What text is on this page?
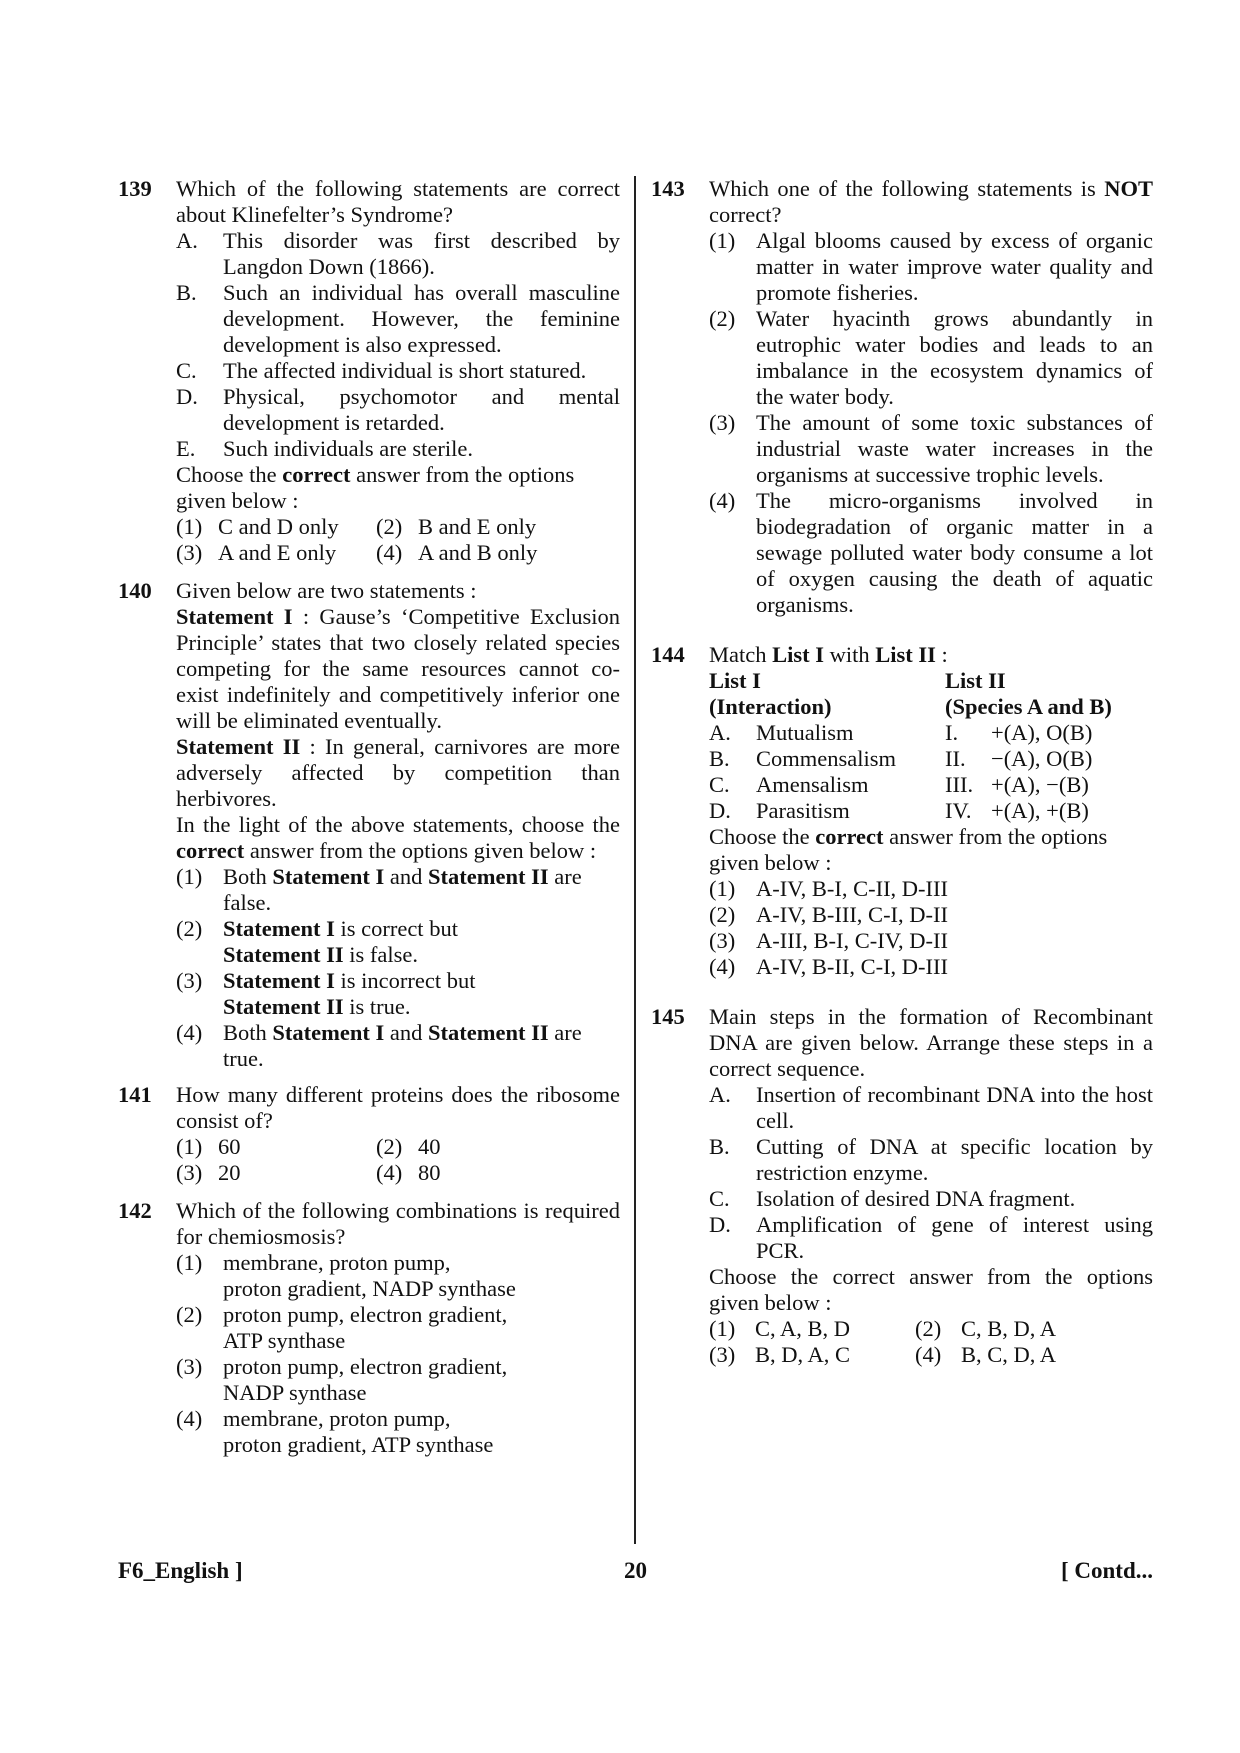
139	Which of the following statements are correct about Klinefelter’s Syndrome?
A.	This disorder was first described by Langdon Down (1866).
B.	Such an individual has overall masculine development. However, the feminine development is also expressed.
C.	The affected individual is short statured.
D.	Physical, psychomotor and mental development is retarded.
E.	Such individuals are sterile.
Choose the correct answer from the options given below :
(1) C and D only (2) B and E only
(3) A and E only (4) A and B only
140	Given below are two statements :
Statement I : Gause’s ‘Competitive Exclusion Principle’ states that two closely related species competing for the same resources cannot co-exist indefinitely and competitively inferior one will be eliminated eventually.
Statement II : In general, carnivores are more adversely affected by competition than herbivores.
In the light of the above statements, choose the correct answer from the options given below :
(1) Both Statement I and Statement II are false.
(2) Statement I is correct but
Statement II is false.
(3) Statement I is incorrect but
Statement II is true.
(4) Both Statement I and Statement II are true.
141	How many different proteins does the ribosome consist of?
(1) 60	(2) 40
(3) 20	(4) 80
142	Which of the following combinations is required for chemiosmosis?
(1) membrane, proton pump,
proton gradient, NADP synthase
(2) proton pump, electron gradient,
ATP synthase
(3) proton pump, electron gradient,
NADP synthase
(4) membrane, proton pump,
proton gradient, ATP synthase
143	Which one of the following statements is NOT correct?
(1) Algal blooms caused by excess of organic matter in water improve water quality and promote fisheries.
(2) Water hyacinth grows abundantly in eutrophic water bodies and leads to an imbalance in the ecosystem dynamics of the water body.
(3) The amount of some toxic substances of industrial waste water increases in the organisms at successive trophic levels.
(4) The micro-organisms involved in biodegradation of organic matter in a sewage polluted water body consume a lot of oxygen causing the death of aquatic organisms.
144	Match List I with List II :
List I	List II
(Interaction)	(Species A and B)
A.	Mutualism	I.	+(A), O(B)
B.	Commensalism II.	−(A), O(B)
C.	Amensalism	III. +(A), −(B)
D.	Parasitism	IV. +(A), +(B)
Choose the correct answer from the options given below :
(1) A-IV, B-I, C-II, D-III
(2) A-IV, B-III, C-I, D-II
(3) A-III, B-I, C-IV, D-II
(4) A-IV, B-II, C-I, D-III
145	Main steps in the formation of Recombinant DNA are given below. Arrange these steps in a correct sequence.
A.	Insertion of recombinant DNA into the host cell.
B.	Cutting of DNA at specific location by restriction enzyme.
C.	Isolation of desired DNA fragment.
D.	Amplification of gene of interest using PCR.
Choose the correct answer from the options given below :
(1) C, A, B, D	(2) C, B, D, A
(3) B, D, A, C	(4) B, C, D, A
20
F6_English ]	[ Contd...
